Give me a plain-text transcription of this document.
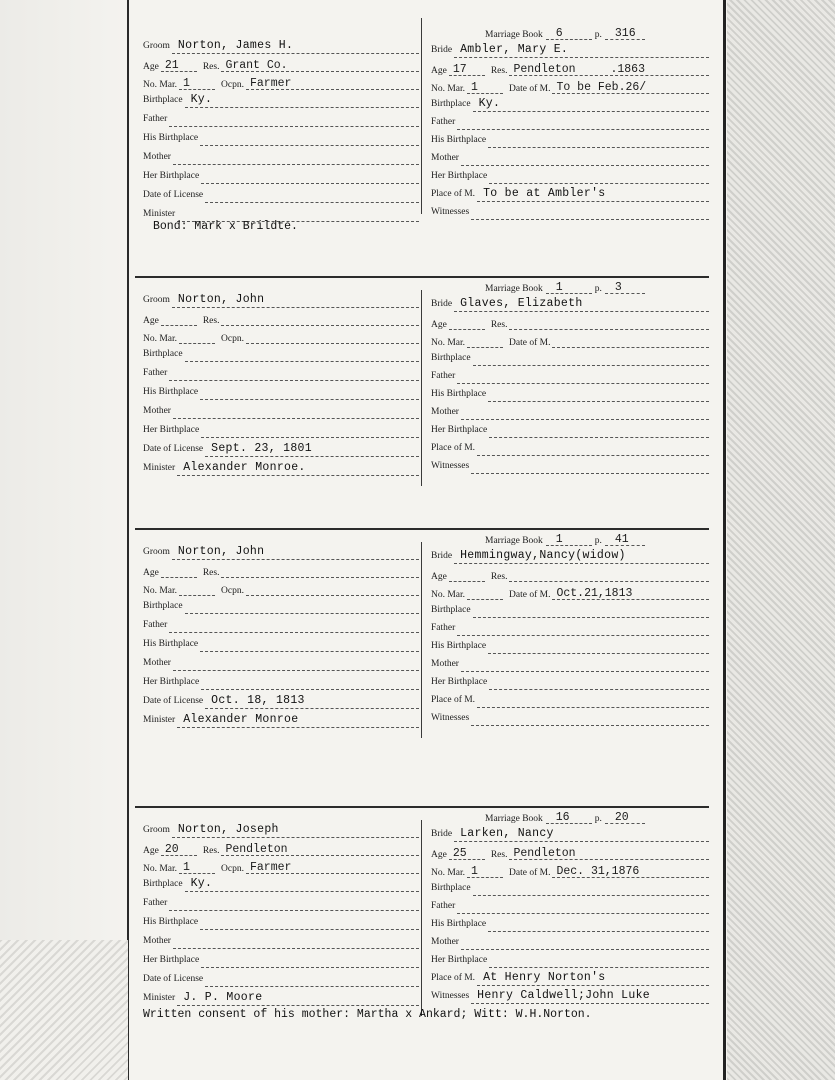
Groom Norton, James H.
Age 21	Res. Grant Co.
No. Mar. 1	Ocpn. Farmer
Birthplace Ky.
Father
His Birthplace
Mother
Her Birthplace
Date of License
Minister
Marriage Book 6	p. 316
Bride Ambler, Mary E.
Age 17	Res. Pendleton .1863
No. Mar. 1	Date of M. To be Feb.26/
Birthplace Ky.
Father
His Birthplace
Mother
Her Birthplace
Place of M. To be at Ambler's
Witnesses
Bond: Mark x Brildte.
Groom Norton, John
Age	Res.
No. Mar.	Ocpn.
Birthplace
Father
His Birthplace
Mother
Her Birthplace
Date of License Sept. 23, 1801
Minister Alexander Monroe.
Marriage Book 1	p. 3
Bride Glaves, Elizabeth
Age	Res.
No. Mar.	Date of M.
Birthplace
Father
His Birthplace
Mother
Her Birthplace
Place of M.
Witnesses
Groom Norton, John
Age	Res.
No. Mar.	Ocpn.
Birthplace
Father
His Birthplace
Mother
Her Birthplace
Date of License Oct. 18, 1813
Minister Alexander Monroe
Marriage Book 1	p. 41
Bride Hemmingway,Nancy(widow)
Age	Res.
No. Mar.	Date of M. Oct.21,1813
Birthplace
Father
His Birthplace
Mother
Her Birthplace
Place of M.
Witnesses
Groom Norton, Joseph
Age 20	Res. Pendleton
No. Mar. 1	Ocpn. Farmer
Birthplace Ky.
Father
His Birthplace
Mother
Her Birthplace
Date of License
Minister J. P. Moore
Marriage Book 16	p. 20
Bride Larken, Nancy
Age 25	Res. Pendleton
No. Mar. 1	Date of M. Dec. 31,1876
Birthplace
Father
His Birthplace
Mother
Her Birthplace
Place of M. At Henry Norton's
Witnesses Henry Caldwell;John Luke
Written consent of his mother: Martha x Ankard; Witt: W.H.Norton.
